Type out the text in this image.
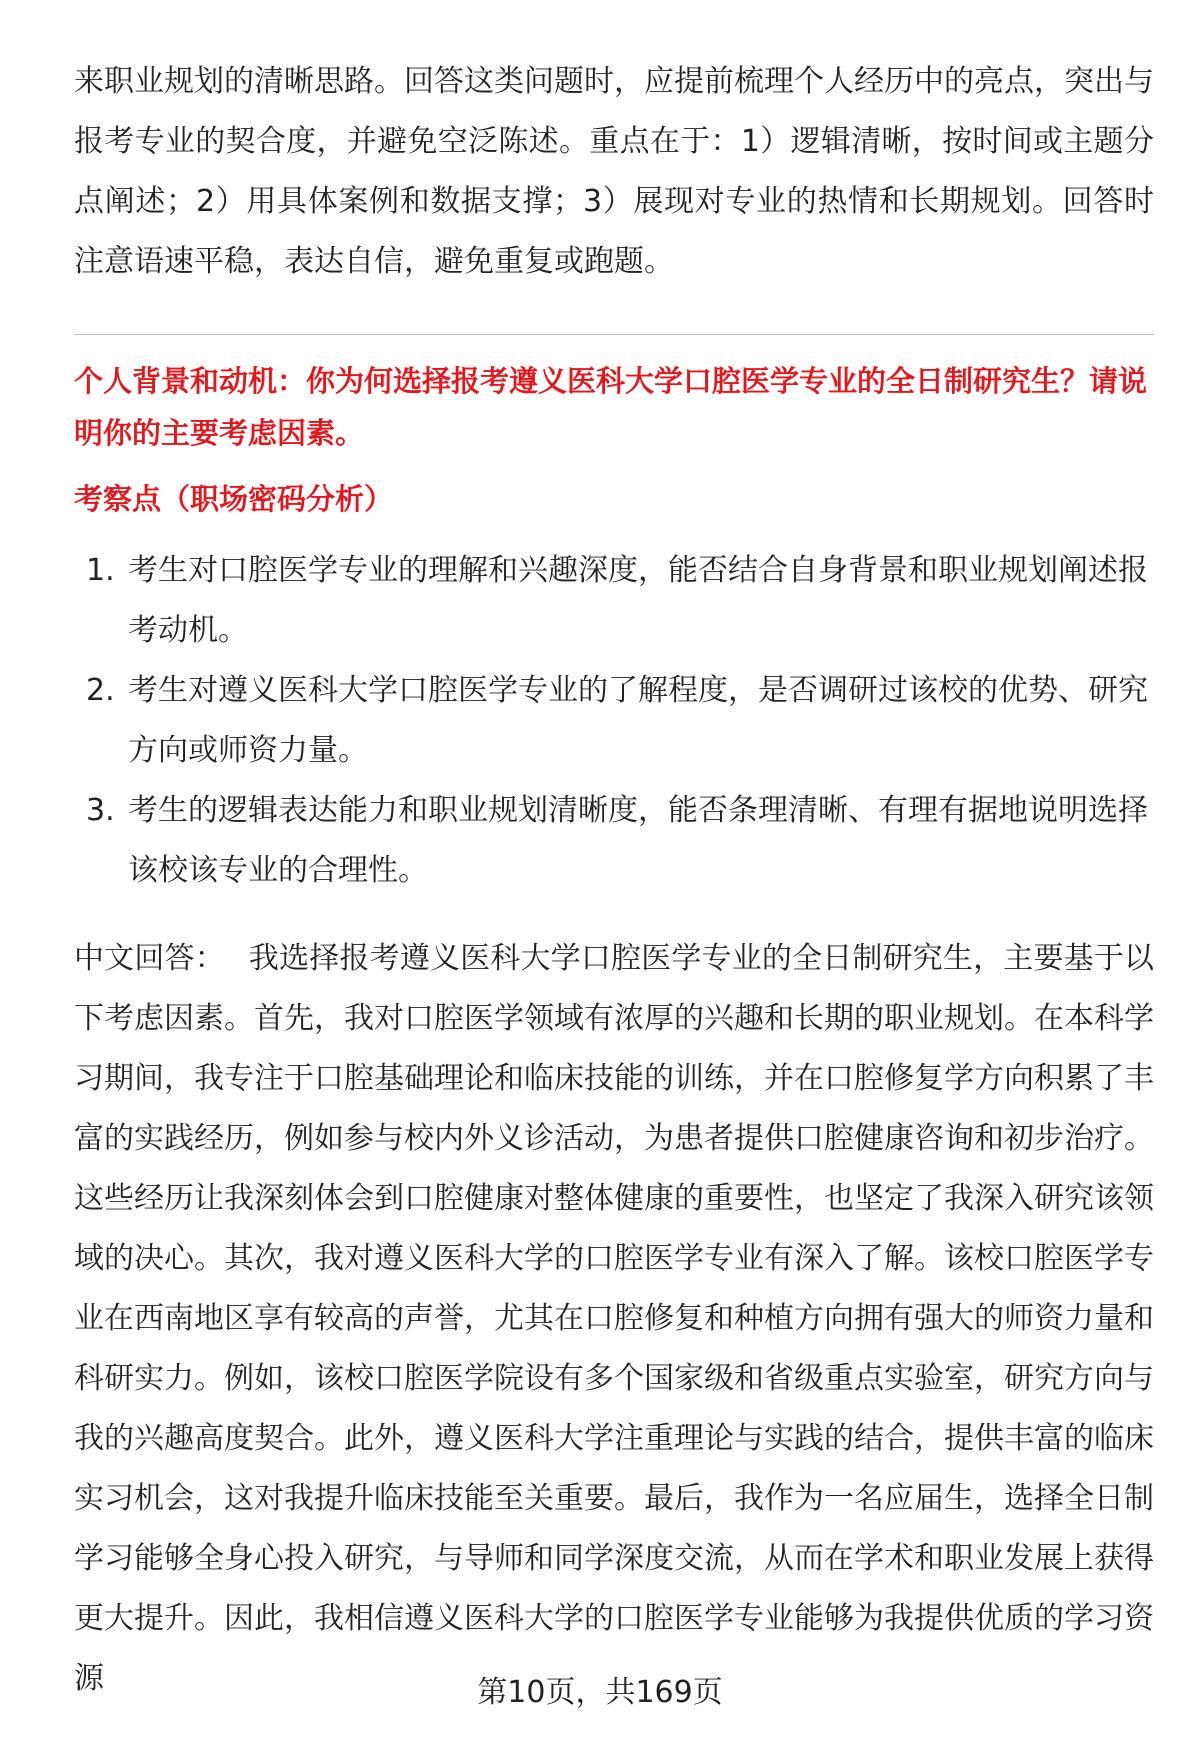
来职业规划的清晰思路。回答这类问题时，应提前梳理个人经历中的亮点，突出与报考专业的契合度，并避免空泛陈述。重点在于：1）逻辑清晰，按时间或主题分点阐述；2）用具体案例和数据支撑；3）展现对专业的热情和长期规划。回答时注意语速平稳，表达自信，避免重复或跑题。

个人背景和动机：你为何选择报考遵义医科大学口腔医学专业的全日制研究生？请说明你的主要考虑因素。

考察点（职场密码分析）

1. 考生对口腔医学专业的理解和兴趣深度，能否结合自身背景和职业规划阐述报考动机。
2. 考生对遵义医科大学口腔医学专业的了解程度，是否调研过该校的优势、研究方向或师资力量。
3. 考生的逻辑表达能力和职业规划清晰度，能否条理清晰、有理有据地说明选择该校该专业的合理性。

中文回答： 我选择报考遵义医科大学口腔医学专业的全日制研究生，主要基于以下考虑因素。首先，我对口腔医学领域有浓厚的兴趣和长期的职业规划。在本科学习期间，我专注于口腔基础理论和临床技能的训练，并在口腔修复学方向积累了丰富的实践经历，例如参与校内外义诊活动，为患者提供口腔健康咨询和初步治疗。这些经历让我深刻体会到口腔健康对整体健康的重要性，也坚定了我深入研究该领域的决心。其次，我对遵义医科大学的口腔医学专业有深入了解。该校口腔医学专业在西南地区享有较高的声誉，尤其在口腔修复和种植方向拥有强大的师资力量和科研实力。例如，该校口腔医学院设有多个国家级和省级重点实验室，研究方向与我的兴趣高度契合。此外，遵义医科大学注重理论与实践的结合，提供丰富的临床实习机会，这对我提升临床技能至关重要。最后，我作为一名应届生，选择全日制学习能够全身心投入研究，与导师和同学深度交流，从而在学术和职业发展上获得更大提升。因此，我相信遵义医科大学的口腔医学专业能够为我提供优质的学习资源	第10页，共169页
